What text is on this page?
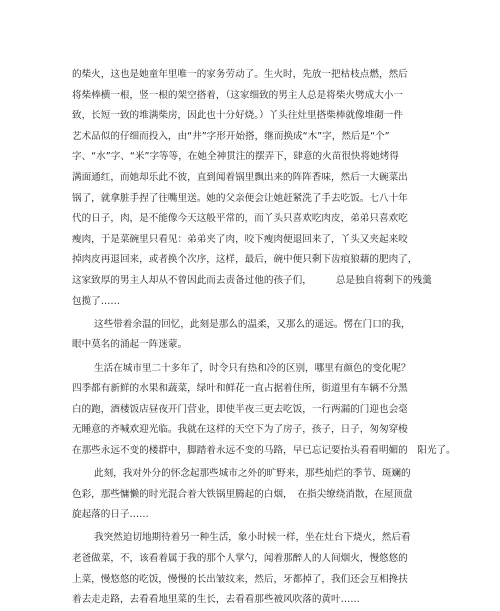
的柴火，这也是她童年里唯一的家务劳动了。生火时，先放一把枯枝点燃，然后
将柴棒横一根，竖一根的架空搭着，（这家细致的男主人总是将柴火劈成大小一
致，长短一致的堆满柴房，因此也十分好烧。）丫头往灶里搭柴棒就像堆砌一件
艺术品似的仔细而投入，由“井”字形开始搭，继而换成“木”字，然后是“个”
字、“水”字、“米”字等等，在她全神贯注的摆弄下，肆意的火苗很快将她烤得
满面通红，而她却乐此不彼，直到闻着锅里飘出来的阵阵香味，然后一大碗菜出
锅了，就拿脏手捏了往嘴里送。她的父亲便会让她赶紧洗了手去吃饭。七八十年
代的日子，肉，是不能像今天这般平常的，而丫头只喜欢吃肉皮，弟弟只喜欢吃
瘦肉，于是菜碗里只看见：弟弟夹了肉，咬下瘦肉便退回来了，丫头又夹起来咬
掉肉皮再退回来，或者换个次序，这样，最后，碗中便只剩下齿痕狼藉的肥肉了，
这家致厚的男主人却从不曾因此而去责备过他的孩子们，　　　总是独自将剩下的残羹
包揽了……
这些带着余温的回忆，此刻是那么的温柔，又那么的遥远。愣在门口的我，
眼中莫名的涌起一阵迷蒙。
生活在城市里二十多年了，时令只有热和冷的区别，哪里有颜色的变化呢？
四季都有新鲜的水果和蔬菜，绿叶和鲜花一直占据着住所，街道里有车辆不分黑
白的跑，酒楼饭店昼夜开门营业，即使半夜三更去吃饭，一行两漏的门迎也会毫
无睡意的齐喊欢迎光临。我就在这样的天空下为了房子，孩子，日子，匆匆穿梭
在那些永远不变的楼群中，脚踏着永远不变的马路，早已忘记要抬头看看明媚的　阳光了。
此刻，我对外分的怀念起那些城市之外的旷野来，那些灿烂的季节、斑斓的
色彩，那些慵懒的时光混合着大铁锅里腾起的白烟，　在指尖缭绕消散，在屋顶盘
旋起落的日子……
我突然迫切地期待着另一种生活，象小时候一样，坐在灶台下烧火，然后看
老爸做菜，不，该看着属于我的那个人掌勺，闻着那醉人的人间烟火，慢悠悠的
上菜，慢悠悠的吃饭，慢慢的长出皱纹来，然后，牙都掉了，我们还会互相搀扶
着去走走路，去看看地里菜的生长，去看看那些被风吹落的黄叶……
